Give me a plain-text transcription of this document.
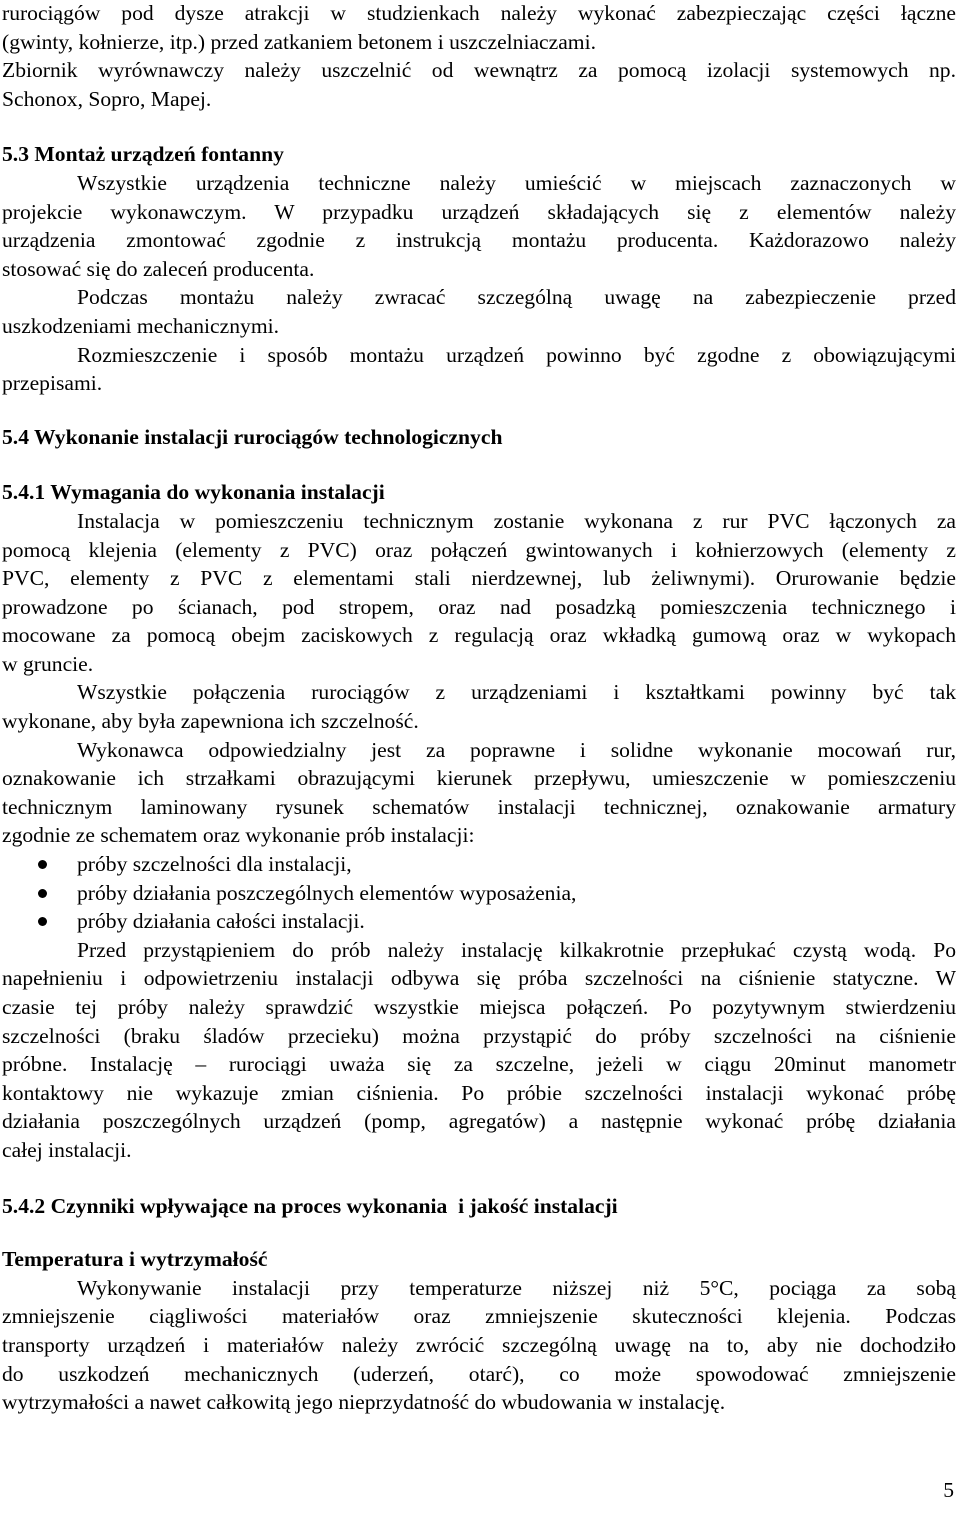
rurociągów pod dysze atrakcji w studzienkach należy wykonać zabezpieczając części łączne
(gwinty, kołnierze, itp.) przed zatkaniem betonem i uszczelniaczami.
Zbiornik wyrównawczy należy uszczelnić od wewnątrz za pomocą izolacji systemowych np.
Schonox, Sopro, Mapej.
5.3 Montaż urządzeń fontanny
Wszystkie urządzenia techniczne należy umieścić w miejscach zaznaczonych w
projekcie wykonawczym. W przypadku urządzeń składających się z elementów należy
urządzenia zmontować zgodnie z instrukcją montażu producenta. Każdorazowo należy
stosować się do zaleceń producenta.
Podczas montażu należy zwracać szczególną uwagę na zabezpieczenie przed
uszkodzeniami mechanicznymi.
Rozmieszczenie i sposób montażu urządzeń powinno być zgodne z obowiązującymi
przepisami.
5.4 Wykonanie instalacji rurociągów technologicznych
5.4.1 Wymagania do wykonania instalacji
Instalacja w pomieszczeniu technicznym zostanie wykonana z rur PVC łączonych za
pomocą klejenia (elementy z PVC) oraz połączeń gwintowanych i kołnierzowych (elementy z
PVC, elementy z PVC z elementami stali nierdzewnej, lub żeliwnymi). Orurowanie będzie
prowadzone po ścianach, pod stropem, oraz nad posadzką pomieszczenia technicznego i
mocowane za pomocą obejm zaciskowych z regulacją oraz wkładką gumową oraz w wykopach
w gruncie.
Wszystkie połączenia rurociągów z urządzeniami i kształtkami powinny być tak
wykonane, aby była zapewniona ich szczelność.
Wykonawca odpowiedzialny jest za poprawne i solidne wykonanie mocowań rur,
oznakowanie ich strzałkami obrazującymi kierunek przepływu, umieszczenie w pomieszczeniu
technicznym laminowany rysunek schematów instalacji technicznej, oznakowanie armatury
zgodnie ze schematem oraz wykonanie prób instalacji:
próby szczelności dla instalacji,
próby działania poszczególnych elementów wyposażenia,
próby działania całości instalacji.
Przed przystąpieniem do prób należy instalację kilkakrotnie przepłukać czystą wodą. Po
napełnieniu i odpowietrzeniu instalacji odbywa się próba szczelności na ciśnienie statyczne. W
czasie tej próby należy sprawdzić wszystkie miejsca połączeń. Po pozytywnym stwierdzeniu
szczelności (braku śladów przecieku) można przystąpić do próby szczelności na ciśnienie
próbne. Instalację – rurociągi uważa się za szczelne, jeżeli w ciągu 20minut manometr
kontaktowy nie wykazuje zmian ciśnienia. Po próbie szczelności instalacji wykonać próbę
działania poszczególnych urządzeń (pomp, agregatów) a następnie wykonać próbę działania
całej instalacji.
5.4.2 Czynniki wpływające na proces wykonania  i jakość instalacji
Temperatura i wytrzymałość
Wykonywanie instalacji przy temperaturze niższej niż 5°C, pociąga za sobą
zmniejszenie ciągliwości materiałów oraz zmniejszenie skuteczności klejenia. Podczas
transporty urządzeń i materiałów należy zwrócić szczególną uwagę na to, aby nie dochodziło
do uszkodzeń mechanicznych (uderzeń, otarć), co może spowodować zmniejszenie
wytrzymałości a nawet całkowitą jego nieprzydatność do wbudowania w instalację.
5
